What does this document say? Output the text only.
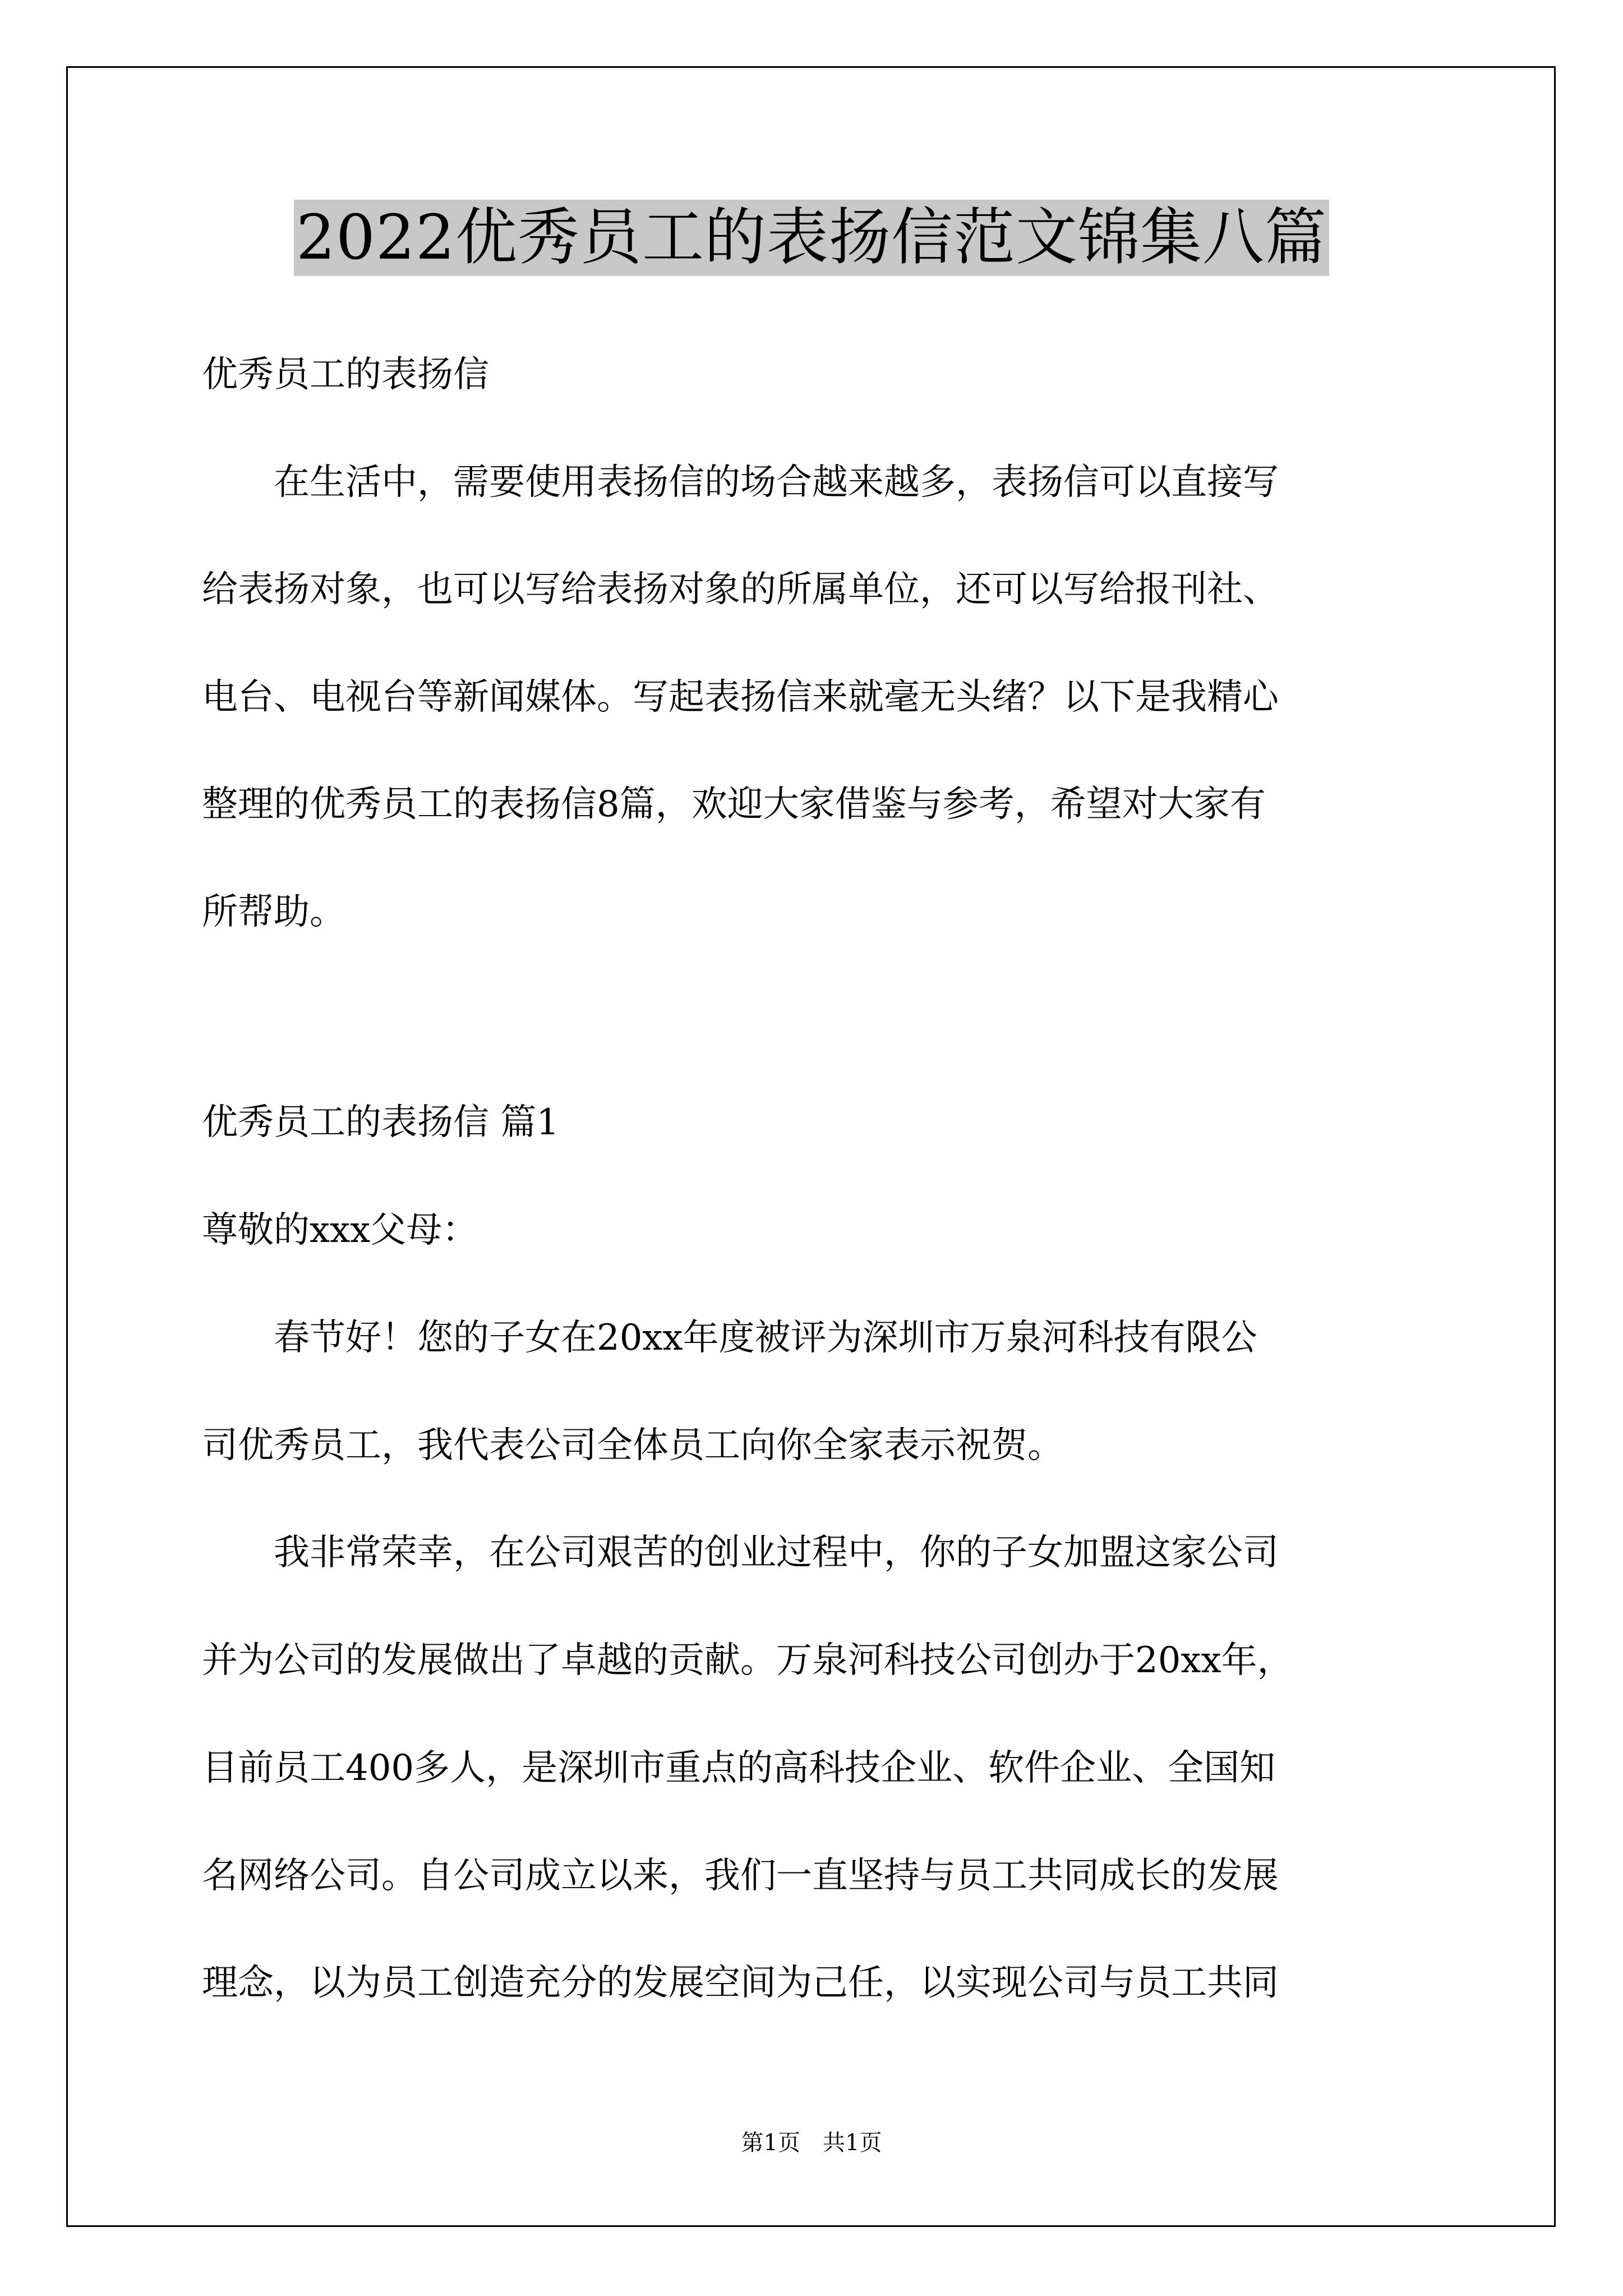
2022优秀员工的表扬信范文锦集八篇

优秀员工的表扬信

　　在生活中，需要使用表扬信的场合越来越多，表扬信可以直接写

给表扬对象，也可以写给表扬对象的所属单位，还可以写给报刊社、

电台、电视台等新闻媒体。写起表扬信来就毫无头绪？以下是我精心

整理的优秀员工的表扬信8篇，欢迎大家借鉴与参考，希望对大家有

所帮助。

优秀员工的表扬信 篇1

尊敬的xxx父母：

　　春节好！您的子女在20xx年度被评为深圳市万泉河科技有限公

司优秀员工，我代表公司全体员工向你全家表示祝贺。

　　我非常荣幸，在公司艰苦的创业过程中，你的子女加盟这家公司

并为公司的发展做出了卓越的贡献。万泉河科技公司创办于20xx年，

目前员工400多人，是深圳市重点的高科技企业、软件企业、全国知

名网络公司。自公司成立以来，我们一直坚持与员工共同成长的发展

理念，以为员工创造充分的发展空间为己任，以实现公司与员工共同

第1页　共1页
